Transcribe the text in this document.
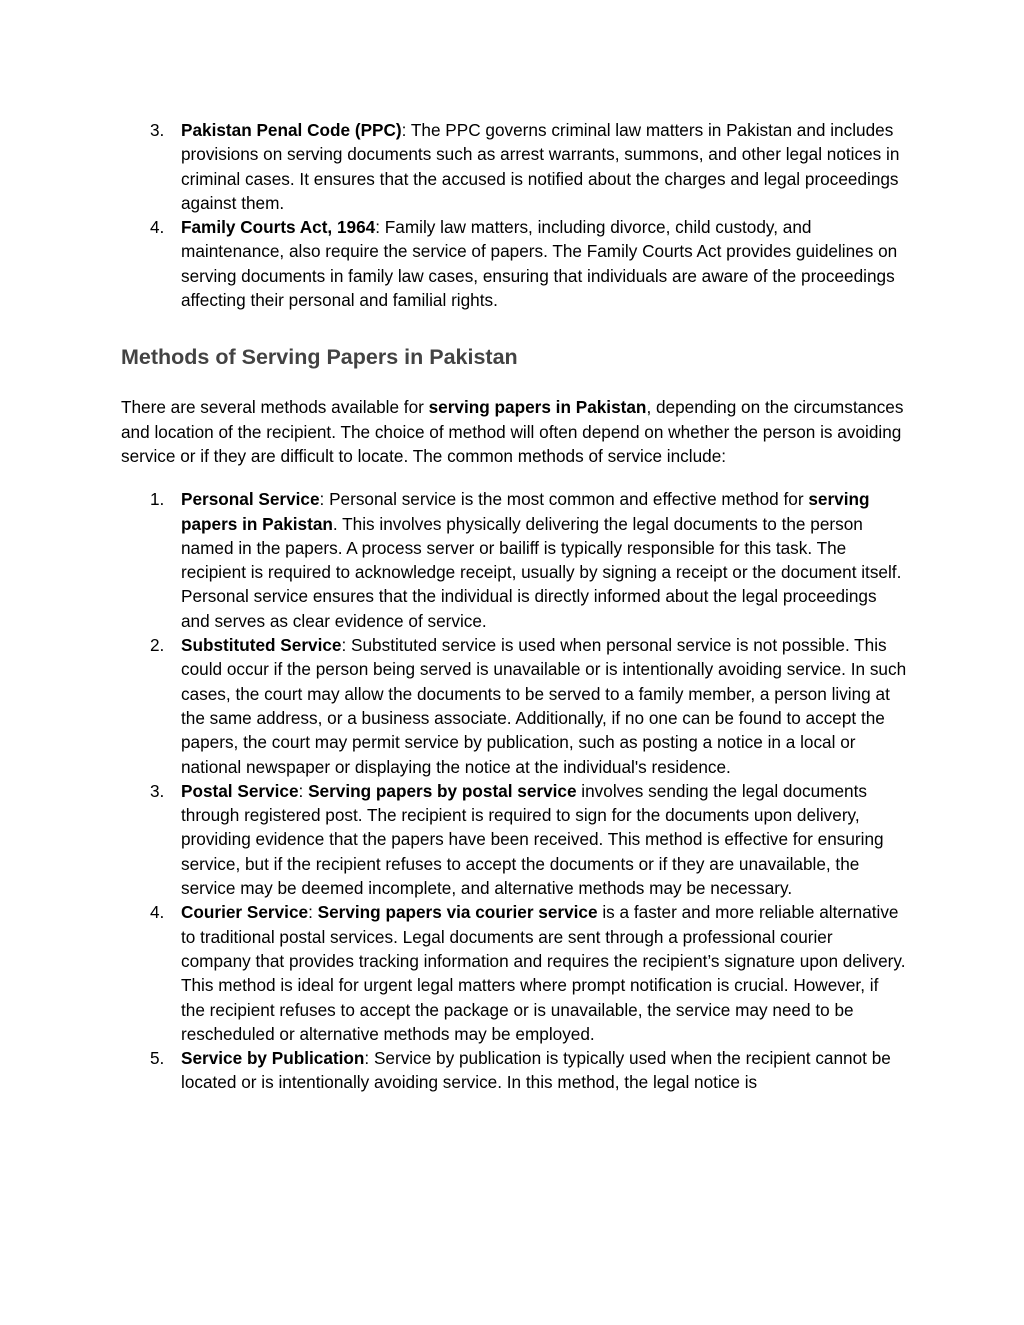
3. Pakistan Penal Code (PPC): The PPC governs criminal law matters in Pakistan and includes provisions on serving documents such as arrest warrants, summons, and other legal notices in criminal cases. It ensures that the accused is notified about the charges and legal proceedings against them.
4. Family Courts Act, 1964: Family law matters, including divorce, child custody, and maintenance, also require the service of papers. The Family Courts Act provides guidelines on serving documents in family law cases, ensuring that individuals are aware of the proceedings affecting their personal and familial rights.
Methods of Serving Papers in Pakistan

There are several methods available for serving papers in Pakistan, depending on the circumstances and location of the recipient. The choice of method will often depend on whether the person is avoiding service or if they are difficult to locate. The common methods of service include:

1. Personal Service: Personal service is the most common and effective method for serving papers in Pakistan. This involves physically delivering the legal documents to the person named in the papers. A process server or bailiff is typically responsible for this task. The recipient is required to acknowledge receipt, usually by signing a receipt or the document itself. Personal service ensures that the individual is directly informed about the legal proceedings and serves as clear evidence of service.
2. Substituted Service: Substituted service is used when personal service is not possible. This could occur if the person being served is unavailable or is intentionally avoiding service. In such cases, the court may allow the documents to be served to a family member, a person living at the same address, or a business associate. Additionally, if no one can be found to accept the papers, the court may permit service by publication, such as posting a notice in a local or national newspaper or displaying the notice at the individual's residence.
3. Postal Service: Serving papers by postal service involves sending the legal documents through registered post. The recipient is required to sign for the documents upon delivery, providing evidence that the papers have been received. This method is effective for ensuring service, but if the recipient refuses to accept the documents or if they are unavailable, the service may be deemed incomplete, and alternative methods may be necessary.
4. Courier Service: Serving papers via courier service is a faster and more reliable alternative to traditional postal services. Legal documents are sent through a professional courier company that provides tracking information and requires the recipient’s signature upon delivery. This method is ideal for urgent legal matters where prompt notification is crucial. However, if the recipient refuses to accept the package or is unavailable, the service may need to be rescheduled or alternative methods may be employed.
5. Service by Publication: Service by publication is typically used when the recipient cannot be located or is intentionally avoiding service. In this method, the legal notice is
